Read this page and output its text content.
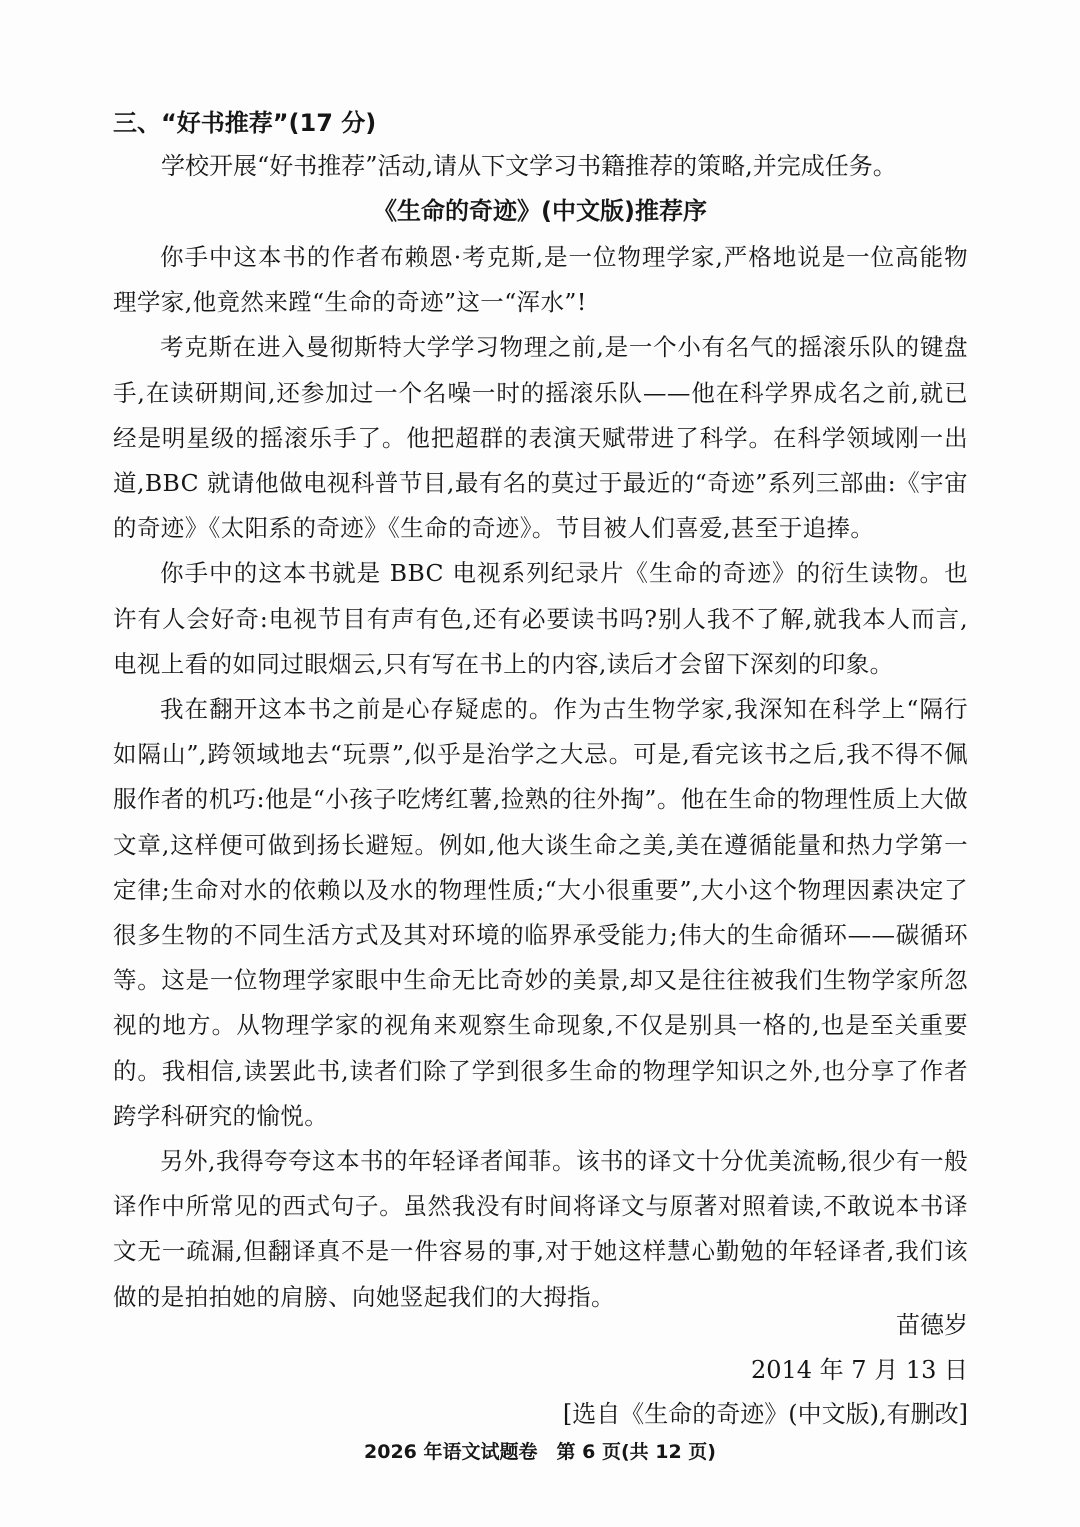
三、“好书推荐”(17 分)
学校开展“好书推荐”活动,请从下文学习书籍推荐的策略,并完成任务。
《生命的奇迹》(中文版)推荐序

你手中这本书的作者布赖恩·考克斯,是一位物理学家,严格地说是一位高能物理学家,他竟然来蹚“生命的奇迹”这一“浑水”!

考克斯在进入曼彻斯特大学学习物理之前,是一个小有名气的摇滚乐队的键盘手,在读研期间,还参加过一个名噪一时的摇滚乐队——他在科学界成名之前,就已经是明星级的摇滚乐手了。他把超群的表演天赋带进了科学。在科学领域刚一出道,BBC 就请他做电视科普节目,最有名的莫过于最近的“奇迹”系列三部曲:《宇宙的奇迹》《太阳系的奇迹》《生命的奇迹》。节目被人们喜爱,甚至于追捧。

你手中的这本书就是 BBC 电视系列纪录片《生命的奇迹》的衍生读物。也许有人会好奇:电视节目有声有色,还有必要读书吗?别人我不了解,就我本人而言,电视上看的如同过眼烟云,只有写在书上的内容,读后才会留下深刻的印象。

我在翻开这本书之前是心存疑虑的。作为古生物学家,我深知在科学上“隔行如隔山”,跨领域地去“玩票”,似乎是治学之大忌。可是,看完该书之后,我不得不佩服作者的机巧:他是“小孩子吃烤红薯,捡熟的往外掏”。他在生命的物理性质上大做文章,这样便可做到扬长避短。例如,他大谈生命之美,美在遵循能量和热力学第一定律;生命对水的依赖以及水的物理性质;“大小很重要”,大小这个物理因素决定了很多生物的不同生活方式及其对环境的临界承受能力;伟大的生命循环——碳循环等。这是一位物理学家眼中生命无比奇妙的美景,却又是往往被我们生物学家所忽视的地方。从物理学家的视角来观察生命现象,不仅是别具一格的,也是至关重要的。我相信,读罢此书,读者们除了学到很多生命的物理学知识之外,也分享了作者跨学科研究的愉悦。

另外,我得夸夸这本书的年轻译者闻菲。该书的译文十分优美流畅,很少有一般译作中所常见的西式句子。虽然我没有时间将译文与原著对照着读,不敢说本书译文无一疏漏,但翻译真不是一件容易的事,对于她这样慧心勤勉的年轻译者,我们该做的是拍拍她的肩膀、向她竖起我们的大拇指。

苗德岁
2014 年 7 月 13 日
[选自《生命的奇迹》(中文版),有删改]
2026 年语文试题卷　第 6 页(共 12 页)
